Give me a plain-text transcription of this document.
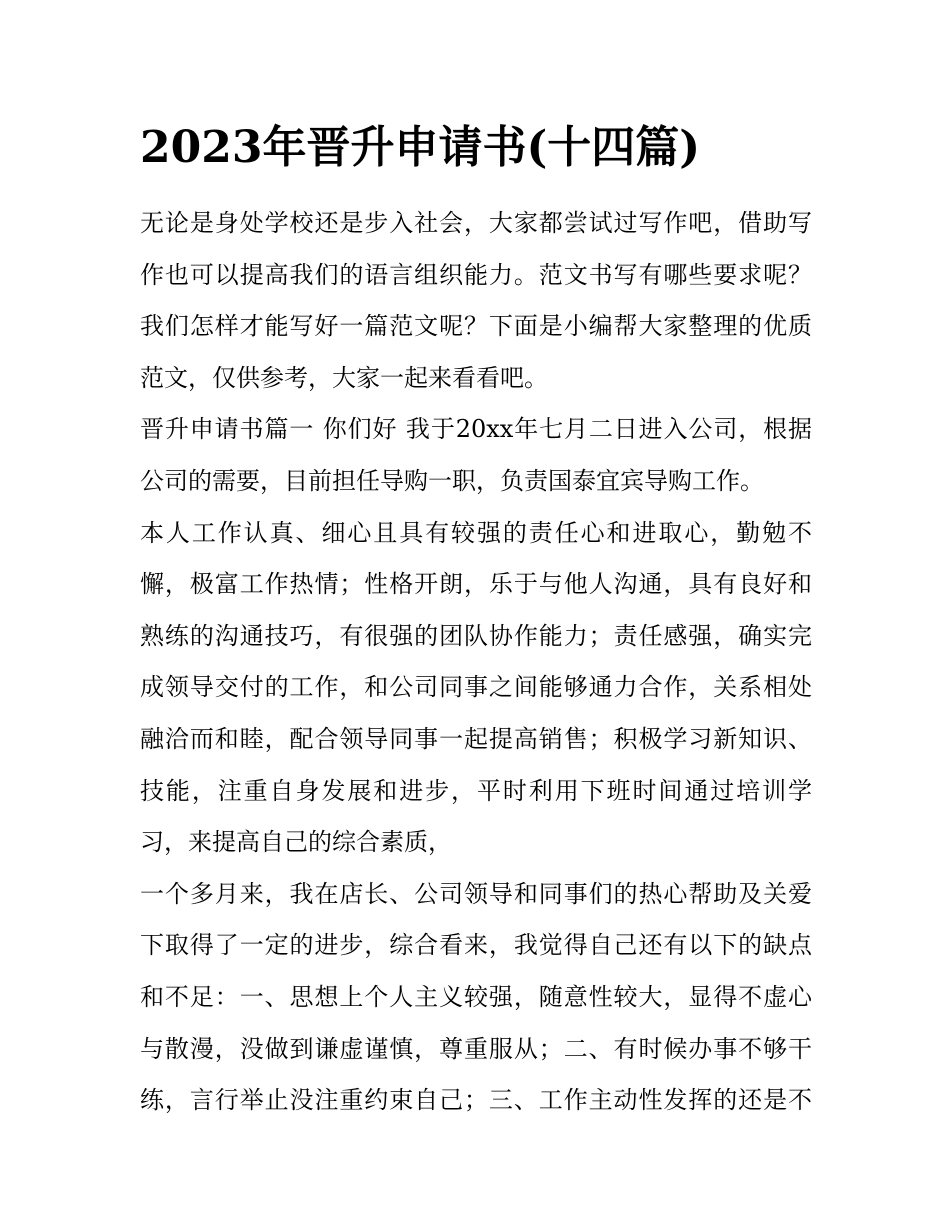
2023年晋升申请书(十四篇)
无论是身处学校还是步入社会，大家都尝试过写作吧，借助写
作也可以提高我们的语言组织能力。范文书写有哪些要求呢？
我们怎样才能写好一篇范文呢？下面是小编帮大家整理的优质
范文，仅供参考，大家一起来看看吧。
晋升申请书篇一 你们好 我于20xx年七月二日进入公司，根据
公司的需要，目前担任导购一职，负责国泰宜宾导购工作。
本人工作认真、细心且具有较强的责任心和进取心，勤勉不
懈，极富工作热情；性格开朗，乐于与他人沟通，具有良好和
熟练的沟通技巧，有很强的团队协作能力；责任感强，确实完
成领导交付的工作，和公司同事之间能够通力合作，关系相处
融洽而和睦，配合领导同事一起提高销售；积极学习新知识、
技能，注重自身发展和进步，平时利用下班时间通过培训学
习，来提高自己的综合素质，
一个多月来，我在店长、公司领导和同事们的热心帮助及关爱
下取得了一定的进步，综合看来，我觉得自己还有以下的缺点
和不足：一、思想上个人主义较强，随意性较大，显得不虚心
与散漫，没做到谦虚谨慎，尊重服从；二、有时候办事不够干
练，言行举止没注重约束自己；三、工作主动性发挥的还是不
